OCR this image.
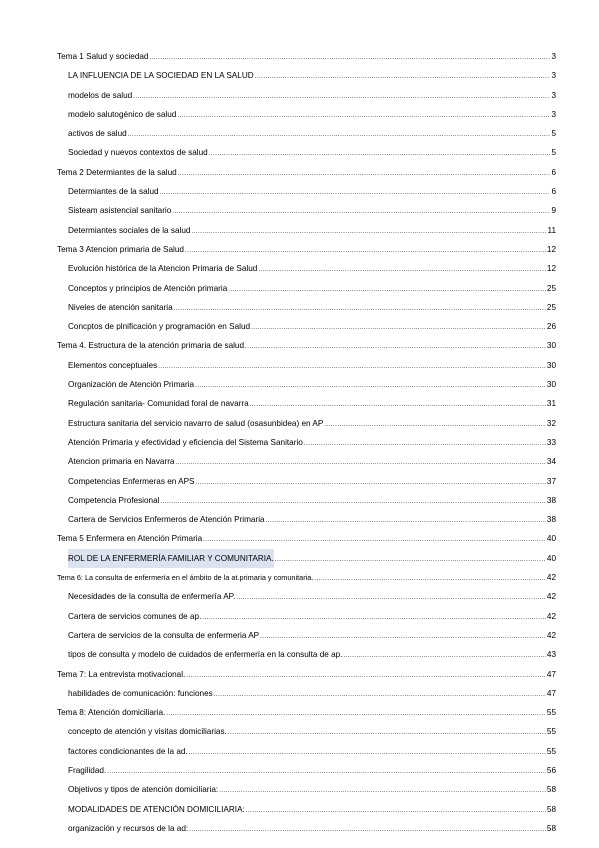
Tema 1 Salud y sociedad .....	3
LA INFLUENCIA DE LA SOCIEDAD EN LA SALUD .....	3
modelos de salud .....	3
modelo salutogénico de salud .....	3
activos de salud .....	5
Sociedad y nuevos contextos de salud .....	5
Tema 2 Determiantes de la salud .....	6
Determiantes de la salud .....	6
Sisteam asistencial sanitario .....	9
Determiantes sociales de la salud .....	11
Tema 3 Atencion primaria de Salud .....	12
Evolución histórica de la Atencion Primaria de Salud .....	12
Conceptos y principios de Atención primaria .....	25
Niveles de atención sanitaria .....	25
Concptos de plnificación y programación en Salud .....	26
Tema 4. Estructura de la atención primaria de salud .....	30
Elementos conceptuales .....	30
Organización de Atención Primaria .....	30
Regulación sanitaria- Comunidad foral de navarra .....	31
Estructura sanitaria del servicio navarro de salud (osasunbidea) en AP .....	32
Atención Primaria y efectividad y eficiencia del Sistema Sanitario .....	33
Atencion primaria en Navarra .....	34
Competencias Enfermeras en APS .....	37
Competencia Profesional .....	38
Cartera de Servicios Enfermeros de Atención Primaria .....	38
Tema 5 Enfermera en Atención Primaria .....	40
ROL DE LA ENFERMERÍA FAMILIAR Y COMUNITARIA. .....	40
Tema 6: La consulta de enfermería en el ámbito de la at.primaria y comunitaria. .....	42
Necesidades de la consulta de enfermería AP. .....	42
Cartera de servicios comunes de ap. .....	42
Cartera de servicios de la consulta de enfermeria AP .....	42
tipos de consulta y modelo de cuidados de enfermería en la consulta de ap. .....	43
Tema 7: La entrevista motivacional. .....	47
habilidades de comunicación: funciones .....	47
Tema 8: Atención domiciliaria. .....	55
concepto de atención y visitas domiciliarias. .....	55
factores condicionantes de la ad. .....	55
Fragilidad. .....	56
Objetivos y tipos de atención domiciliaria: .....	58
MODALIDADES DE ATENCIÓN DOMICILIARIA: .....	58
organización y recursos de la ad: .....	58
